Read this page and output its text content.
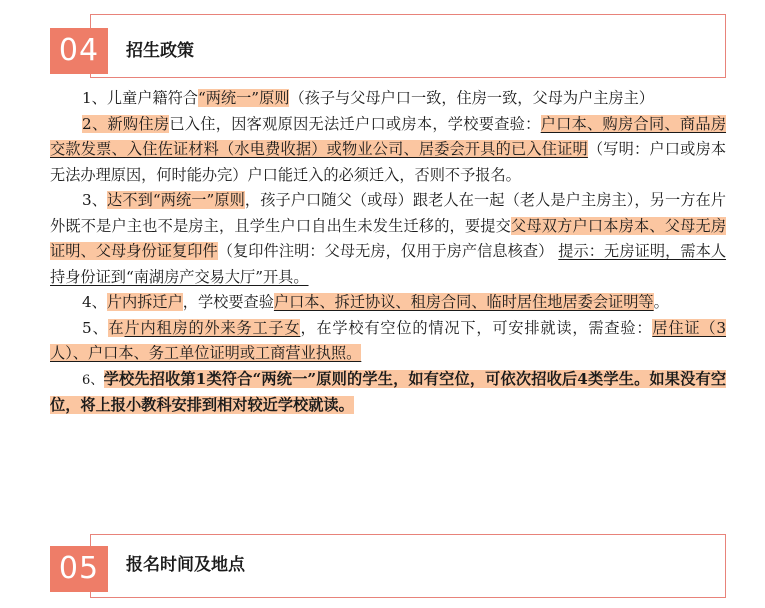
04	招生政策

1、儿童户籍符合“两统一”原则（孩子与父母户口一致，住房一致，父母为户主房主）

2、新购住房已入住，因客观原因无法迁户口或房本，学校要查验：户口本、购房合同、商品房交款发票、入住佐证材料（水电费收据）或物业公司、居委会开具的已入住证明（写明：户口或房本无法办理原因，何时能办完）户口能迁入的必须迁入，否则不予报名。

3、达不到“两统一”原则，孩子户口随父（或母）跟老人在一起（老人是户主房主），另一方在片外既不是户主也不是房主，且学生户口自出生未发生迁移的，要提交父母双方户口本房本、父母无房证明、父母身份证复印件（复印件注明：父母无房，仅用于房产信息核查） 提示：无房证明，需本人持身份证到“南湖房产交易大厅”开具。

4、片内拆迁户，学校要查验户口本、拆迁协议、租房合同、临时居住地居委会证明等。

5、在片内租房的外来务工子女，在学校有空位的情况下，可安排就读，需查验：居住证（3人）、户口本、务工单位证明或工商营业执照。

6、学校先招收第1类符合“两统一”原则的学生，如有空位，可依次招收后4类学生。如果没有空位，将上报小教科安排到相对较近学校就读。

05	报名时间及地点
